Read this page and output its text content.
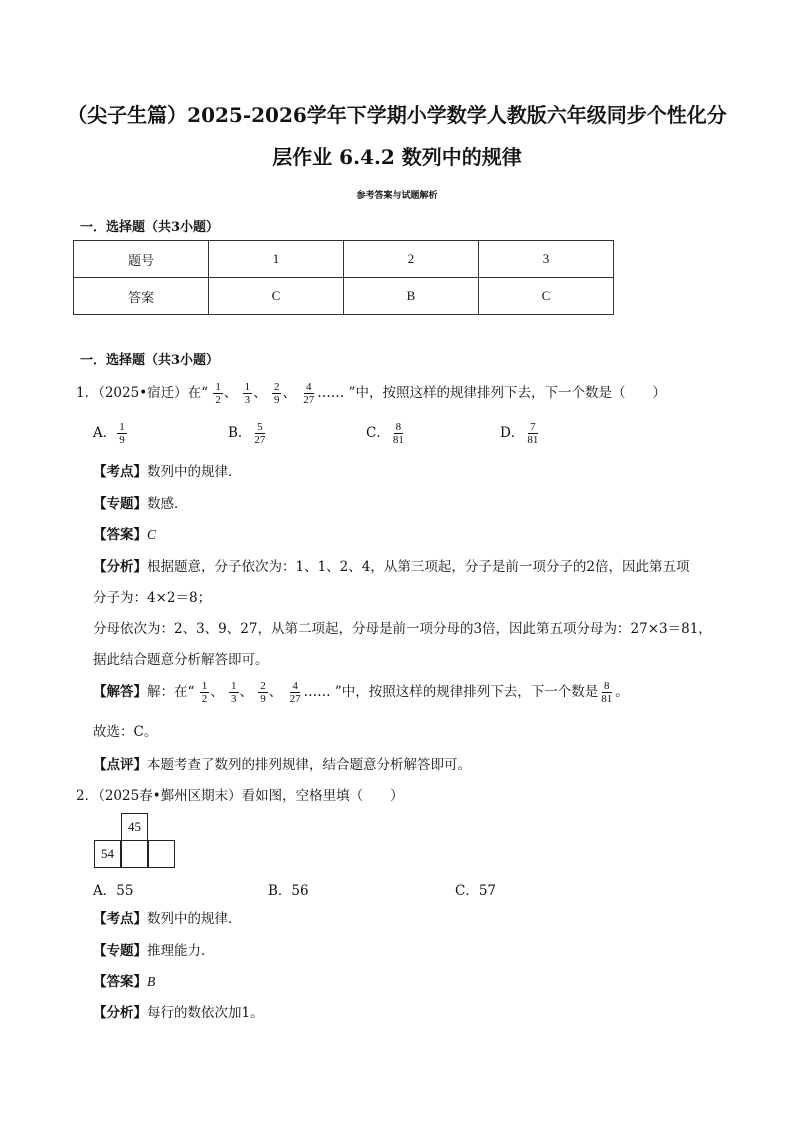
（尖子生篇）2025-2026学年下学期小学数学人教版六年级同步个性化分
层作业 6.4.2 数列中的规律
参考答案与试题解析
一．选择题（共3小题）
题号	1	2	3
答案	C	B	C
一．选择题（共3小题）
1．（2025•宿迁）在“ $\frac{1}{2}$ 、 $\frac{1}{3}$ 、 $\frac{2}{9}$ 、 $\frac{4}{27}$ …… ”中，按照这样的规律排列下去，下一个数是（　　）
A． $\frac{1}{9}$	B． $\frac{5}{27}$	C． $\frac{8}{81}$	D． $\frac{7}{81}$
【考点】数列中的规律．
【专题】数感．
【答案】C
【分析】根据题意，分子依次为：1、1、2、4，从第三项起，分子是前一项分子的2倍，因此第五项
分子为：4×2＝8；
分母依次为：2、3、9、27，从第二项起，分母是前一项分母的3倍，因此第五项分母为：27×3＝81，
据此结合题意分析解答即可。
【解答】解：在“ $\frac{1}{2}$ 、 $\frac{1}{3}$ 、 $\frac{2}{9}$ 、 $\frac{4}{27}$ …… ”中，按照这样的规律排列下去，下一个数是 $\frac{8}{81}$ 。
故选：C。
【点评】本题考查了数列的排列规律，结合题意分析解答即可。
2．（2025春•鄞州区期末）看如图，空格里填（　　）
45
54
A．55	B．56	C．57
【考点】数列中的规律．
【专题】推理能力．
【答案】B
【分析】每行的数依次加1。
